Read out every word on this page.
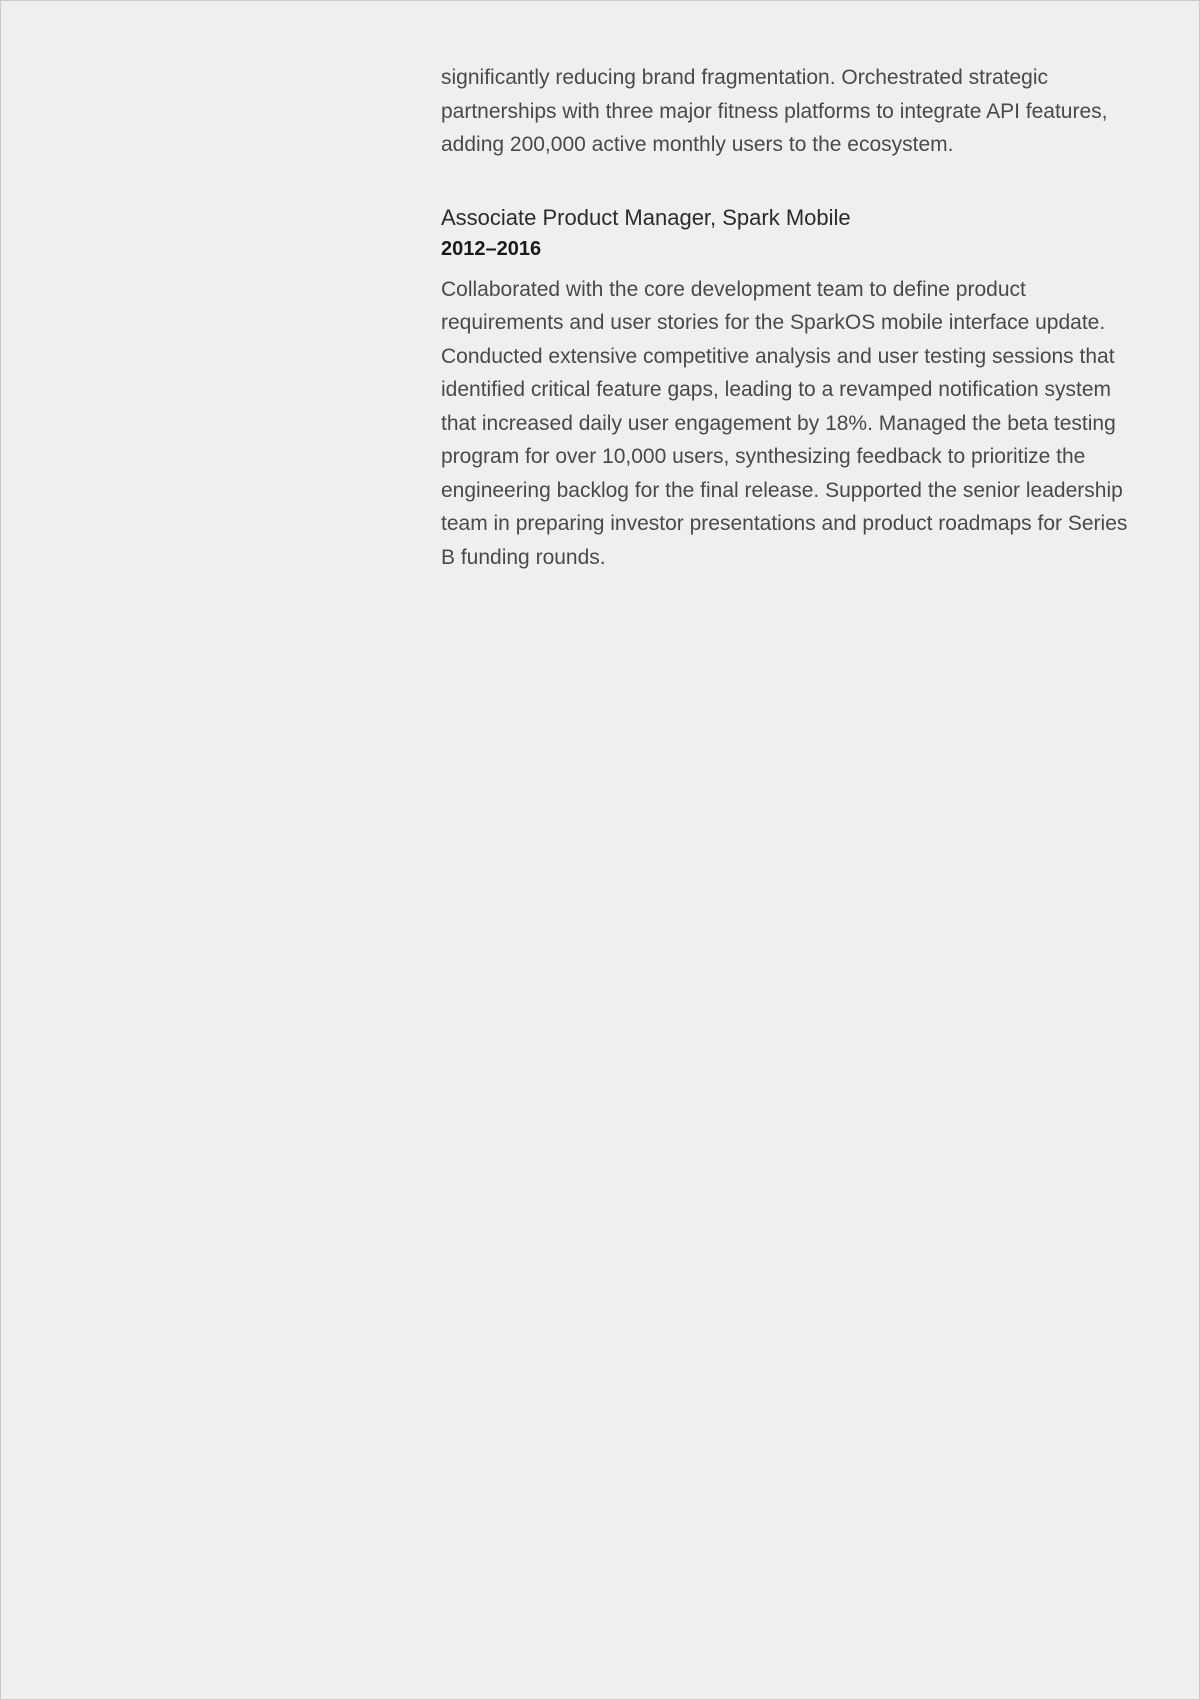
significantly reducing brand fragmentation. Orchestrated strategic partnerships with three major fitness platforms to integrate API features, adding 200,000 active monthly users to the ecosystem.

Associate Product Manager, Spark Mobile
2012–2016

Collaborated with the core development team to define product requirements and user stories for the SparkOS mobile interface update. Conducted extensive competitive analysis and user testing sessions that identified critical feature gaps, leading to a revamped notification system that increased daily user engagement by 18%. Managed the beta testing program for over 10,000 users, synthesizing feedback to prioritize the engineering backlog for the final release. Supported the senior leadership team in preparing investor presentations and product roadmaps for Series B funding rounds.
